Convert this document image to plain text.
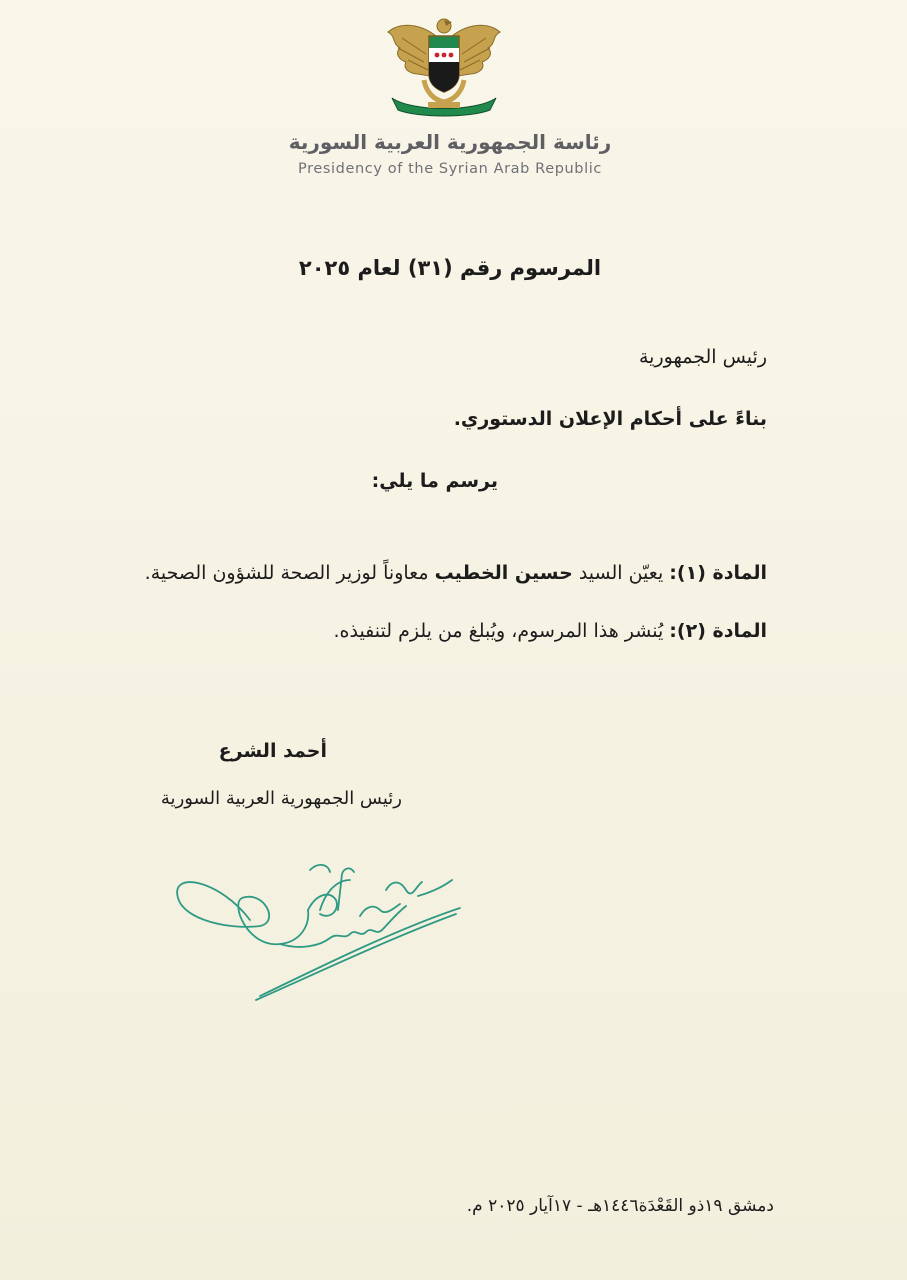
رئاسة الجمهورية العربية السورية
Presidency of the Syrian Arab Republic
المرسوم رقم (٣١) لعام ٢٠٢٥
رئيس الجمهورية
بناءً على أحكام الإعلان الدستوري.
يرسم ما يلي:
المادة (١): يعيّن السيد حسين الخطيب معاوناً لوزير الصحة للشؤون الصحية.
المادة (٢): يُنشر هذا المرسوم، ويُبلغ من يلزم لتنفيذه.
أحمد الشرع
رئيس الجمهورية العربية السورية
دمشق ١٩ذو القَعْدَة١٤٤٦هـ - ١٧آيار ٢٠٢٥ م.
